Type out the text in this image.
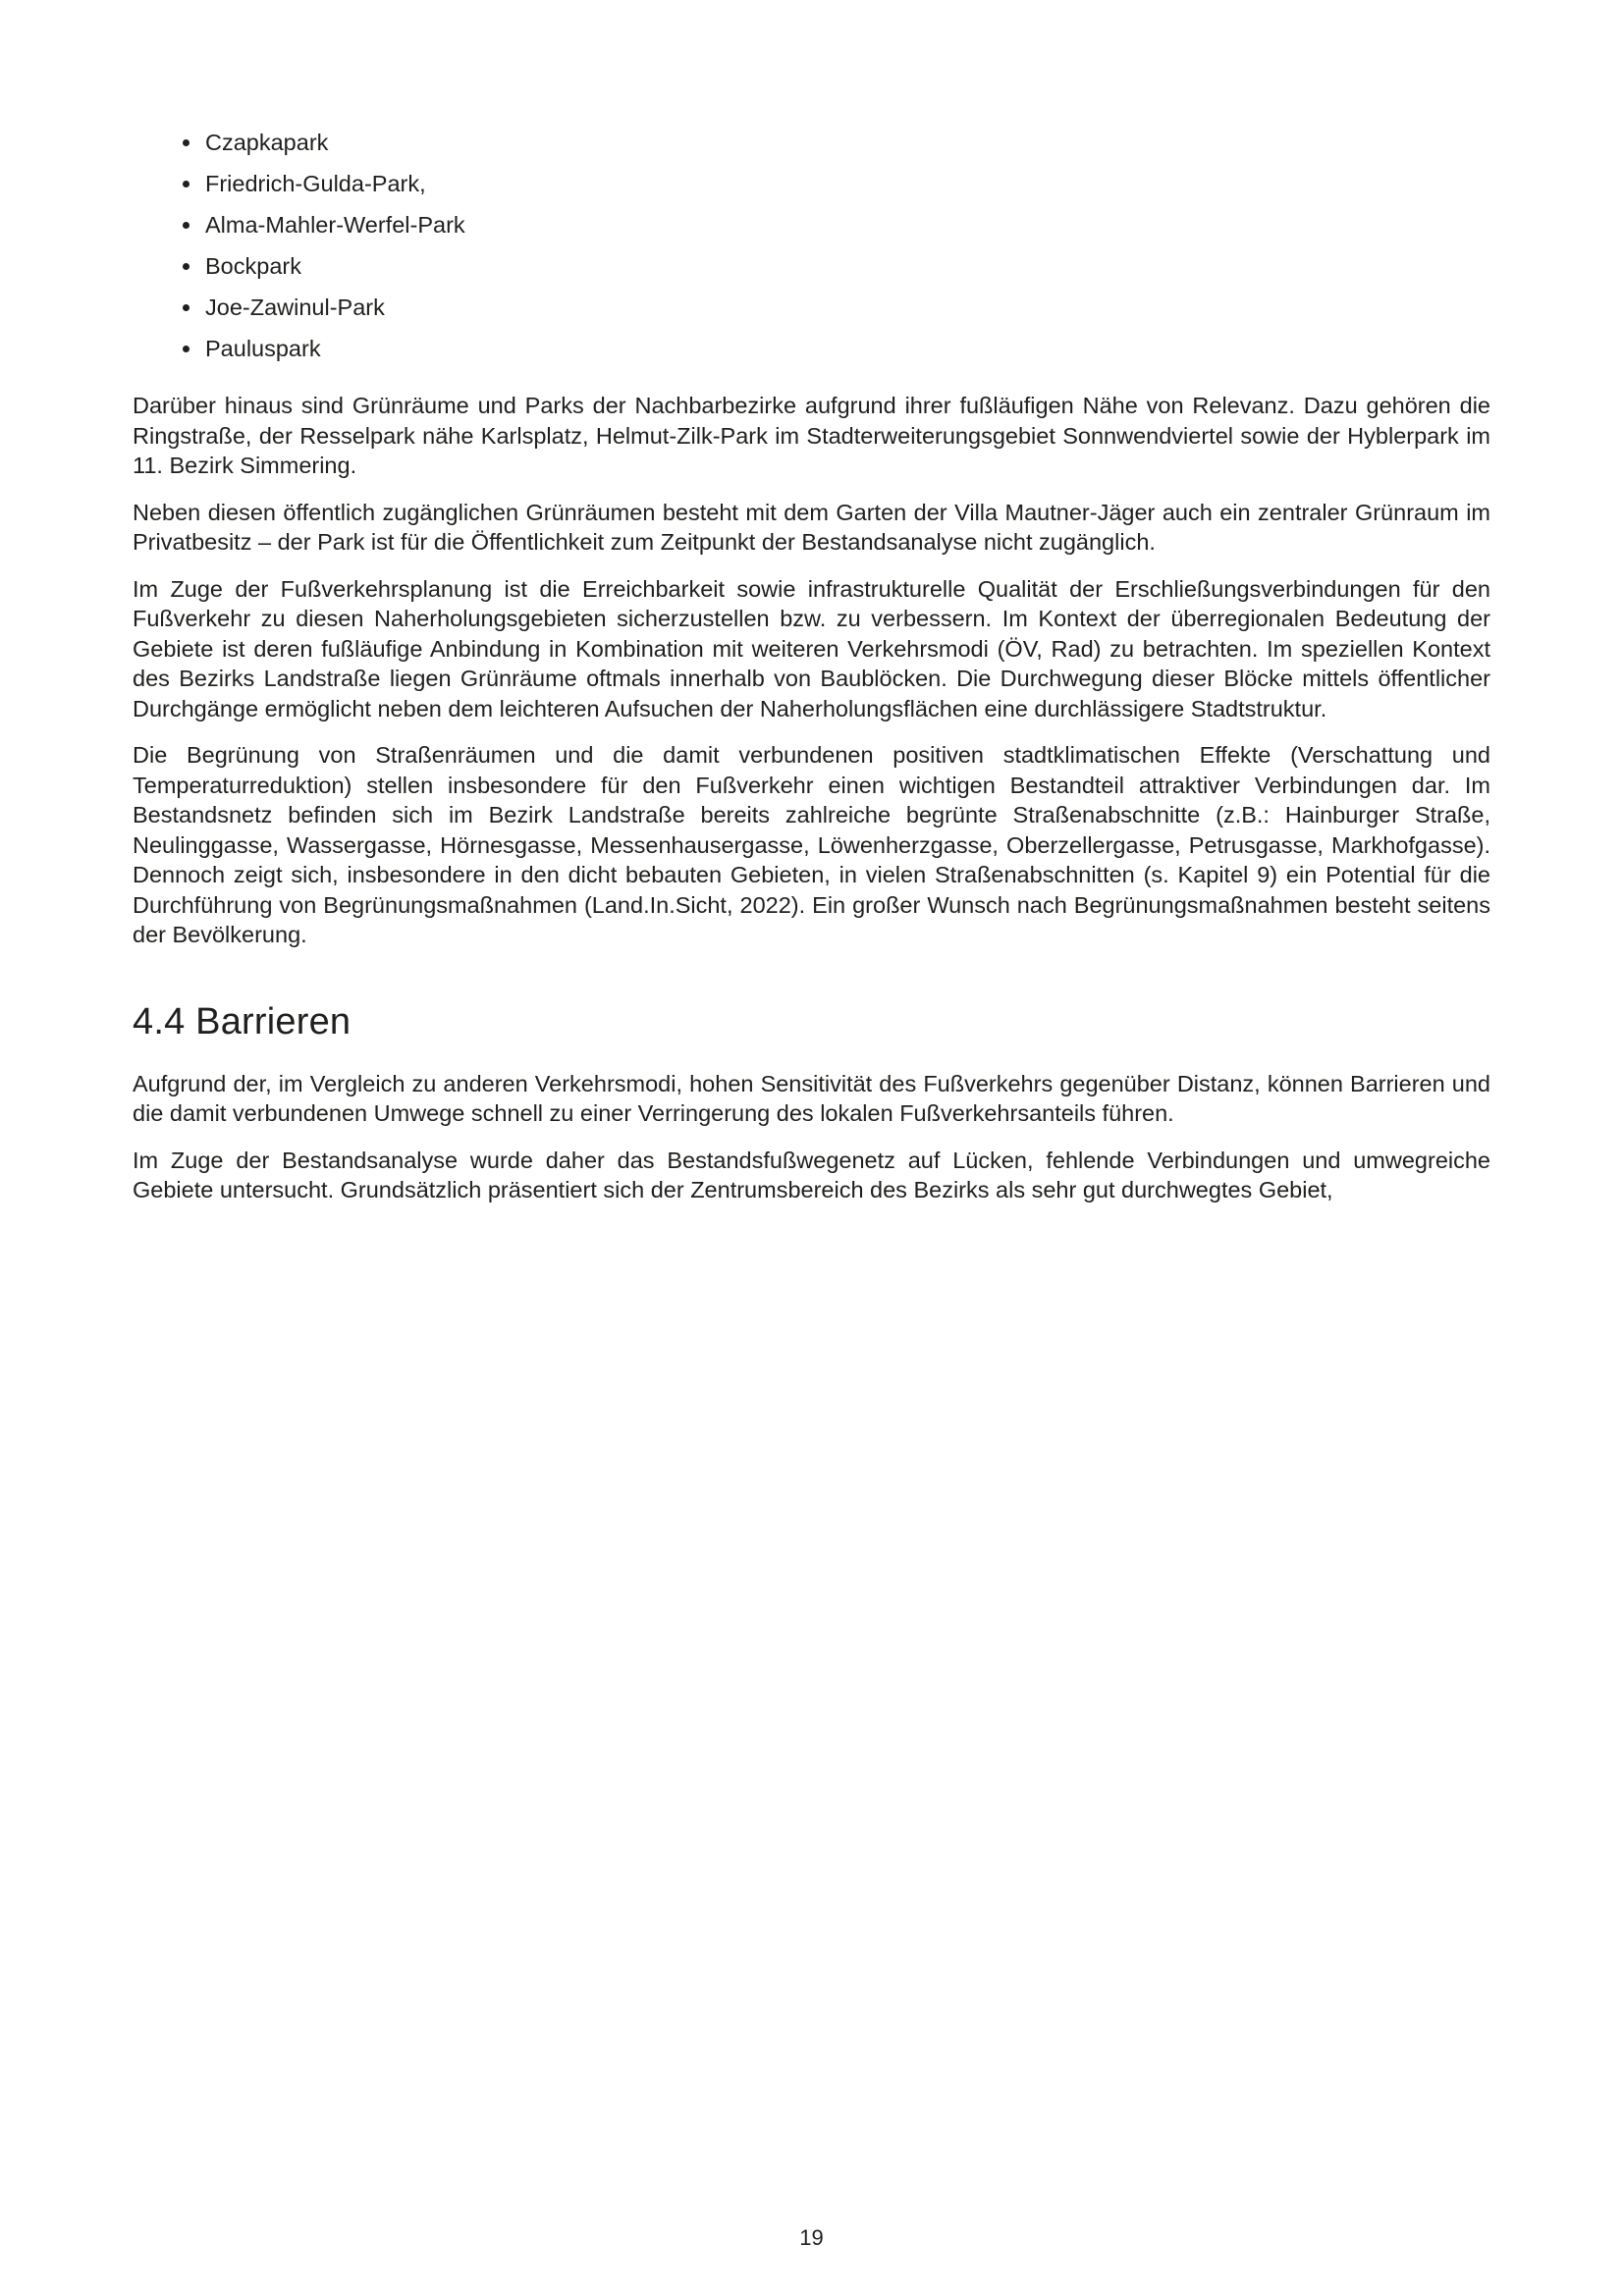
• Czapkapark
• Friedrich-Gulda-Park,
• Alma-Mahler-Werfel-Park
• Bockpark
• Joe-Zawinul-Park
• Pauluspark

Darüber hinaus sind Grünräume und Parks der Nachbarbezirke aufgrund ihrer fußläufigen Nähe von Relevanz. Dazu gehören die Ringstraße, der Resselpark nähe Karlsplatz, Helmut-Zilk-Park im Stadterweiterungsgebiet Sonnwendviertel sowie der Hyblerpark im 11. Bezirk Simmering.

Neben diesen öffentlich zugänglichen Grünräumen besteht mit dem Garten der Villa Mautner-Jäger auch ein zentraler Grünraum im Privatbesitz – der Park ist für die Öffentlichkeit zum Zeitpunkt der Bestandsanalyse nicht zugänglich.

Im Zuge der Fußverkehrsplanung ist die Erreichbarkeit sowie infrastrukturelle Qualität der Erschließungsverbindungen für den Fußverkehr zu diesen Naherholungsgebieten sicherzustellen bzw. zu verbessern. Im Kontext der überregionalen Bedeutung der Gebiete ist deren fußläufige Anbindung in Kombination mit weiteren Verkehrsmodi (ÖV, Rad) zu betrachten. Im speziellen Kontext des Bezirks Landstraße liegen Grünräume oftmals innerhalb von Baublöcken. Die Durchwegung dieser Blöcke mittels öffentlicher Durchgänge ermöglicht neben dem leichteren Aufsuchen der Naherholungsflächen eine durchlässigere Stadtstruktur.

Die Begrünung von Straßenräumen und die damit verbundenen positiven stadtklimatischen Effekte (Verschattung und Temperaturreduktion) stellen insbesondere für den Fußverkehr einen wichtigen Bestandteil attraktiver Verbindungen dar. Im Bestandsnetz befinden sich im Bezirk Landstraße bereits zahlreiche begrünte Straßenabschnitte (z.B.: Hainburger Straße, Neulinggasse, Wassergasse, Hörnesgasse, Messenhausergasse, Löwenherzgasse, Oberzellergasse, Petrusgasse, Markhofgasse). Dennoch zeigt sich, insbesondere in den dicht bebauten Gebieten, in vielen Straßenabschnitten (s. Kapitel 9) ein Potential für die Durchführung von Begrünungsmaßnahmen (Land.In.Sicht, 2022). Ein großer Wunsch nach Begrünungsmaßnahmen besteht seitens der Bevölkerung.

4.4 Barrieren

Aufgrund der, im Vergleich zu anderen Verkehrsmodi, hohen Sensitivität des Fußverkehrs gegenüber Distanz, können Barrieren und die damit verbundenen Umwege schnell zu einer Verringerung des lokalen Fußverkehrsanteils führen.

Im Zuge der Bestandsanalyse wurde daher das Bestandsfußwegenetz auf Lücken, fehlende Verbindungen und umwegreiche Gebiete untersucht. Grundsätzlich präsentiert sich der Zentrumsbereich des Bezirks als sehr gut durchwegtes Gebiet,

19
